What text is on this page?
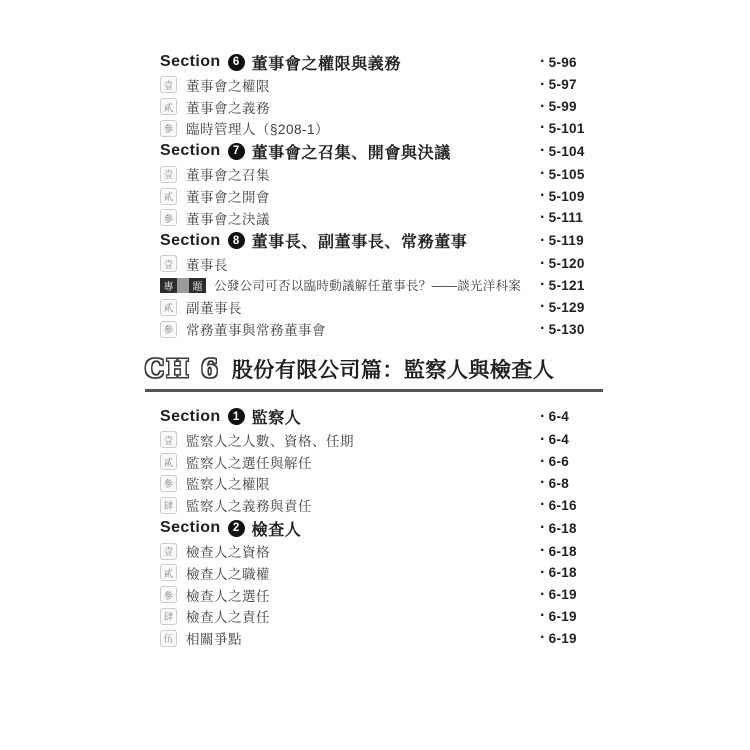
Section	6 董事會之權限與義務	· 5-96
壹 董事會之權限	· 5-97
貳 董事會之義務	· 5-99
參 臨時管理人（§208-1）	· 5-101
Section	7 董事會之召集、開會與決議	· 5-104
壹 董事會之召集	· 5-105
貳 董事會之開會	· 5-109
參 董事會之決議	· 5-111
Section	8 董事長、副董事長、常務董事	· 5-119
壹 董事長	· 5-120
專	題 公發公司可否以臨時動議解任董事長？——談光洋科案 · 5-121
貳 副董事長	· 5-129
參 常務董事與常務董事會	· 5-130
CH 6 股份有限公司篇：監察人與檢查人
Section	1 監察人	· 6-4
壹 監察人之人數、資格、任期	· 6-4
貳 監察人之選任與解任	· 6-6
參 監察人之權限	· 6-8
肆 監察人之義務與責任	· 6-16
Section	2 檢查人	· 6-18
壹 檢查人之資格	· 6-18
貳 檢查人之職權	· 6-18
參 檢查人之選任	· 6-19
肆 檢查人之責任	· 6-19
伍 相關爭點	· 6-19
